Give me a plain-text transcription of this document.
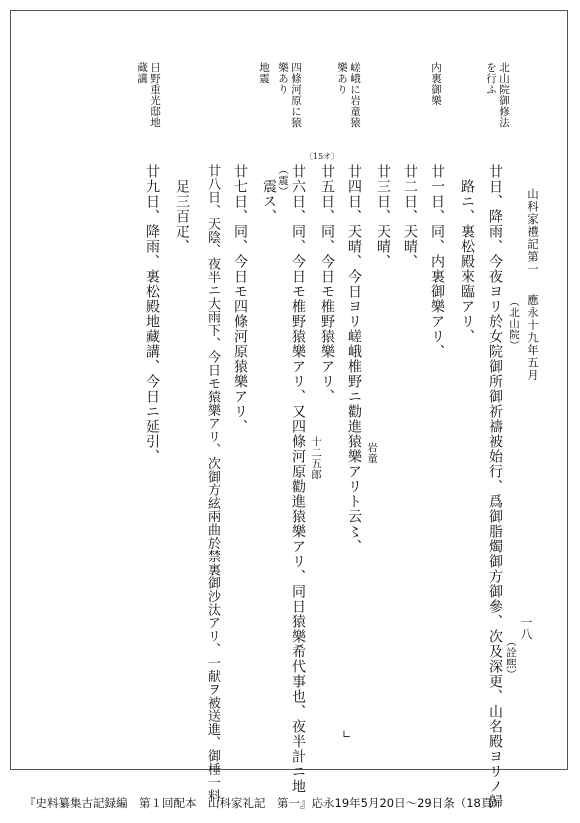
一八
山科家禮記第一
應永十九年五月
廿日、降雨、今夜ヨリ於女院御所御祈禱被始行、爲御脂燭御方御參、次及深更、山名殿ヨリノ歸
路ニ、裏松殿來臨アリ、
廿一日、同、内裏御樂アリ、
廿二日、天晴、
廿三日、天晴、
廿四日、天晴、今日ヨリ嵯峨椎野ニ勸進猿樂アリト云〻、
廿五日、同、今日モ椎野猿樂アリ、
廿六日、同、今日モ椎野猿樂アリ、又四條河原勸進猿樂アリ、同日猿樂希代事也、夜半計ニ地
震ス、
廿七日、同、今日モ四條河原猿樂アリ、
廿八日、天陰、夜半ニ大雨下、今日モ猿樂アリ、次御方絃兩曲於禁裏御沙汰アリ、一献ヲ被送進、御棰一料
足三百疋、
廿九日、降雨、裏松殿地藏講、今日ニ延引、	（北山院）
（詮煕）
岩童
十二五郎
（震）
〔15オ〕
∟
北山院御修法
を行ふ
内裏御樂
嵯峨に岩童猿
樂あり
四條河原に猿
樂あり
地震
日野重光邸地
蔵講
『史料纂集古記録編　第１回配本　山科家礼記　第一』応永19年5月20日～29日条（18頁）
